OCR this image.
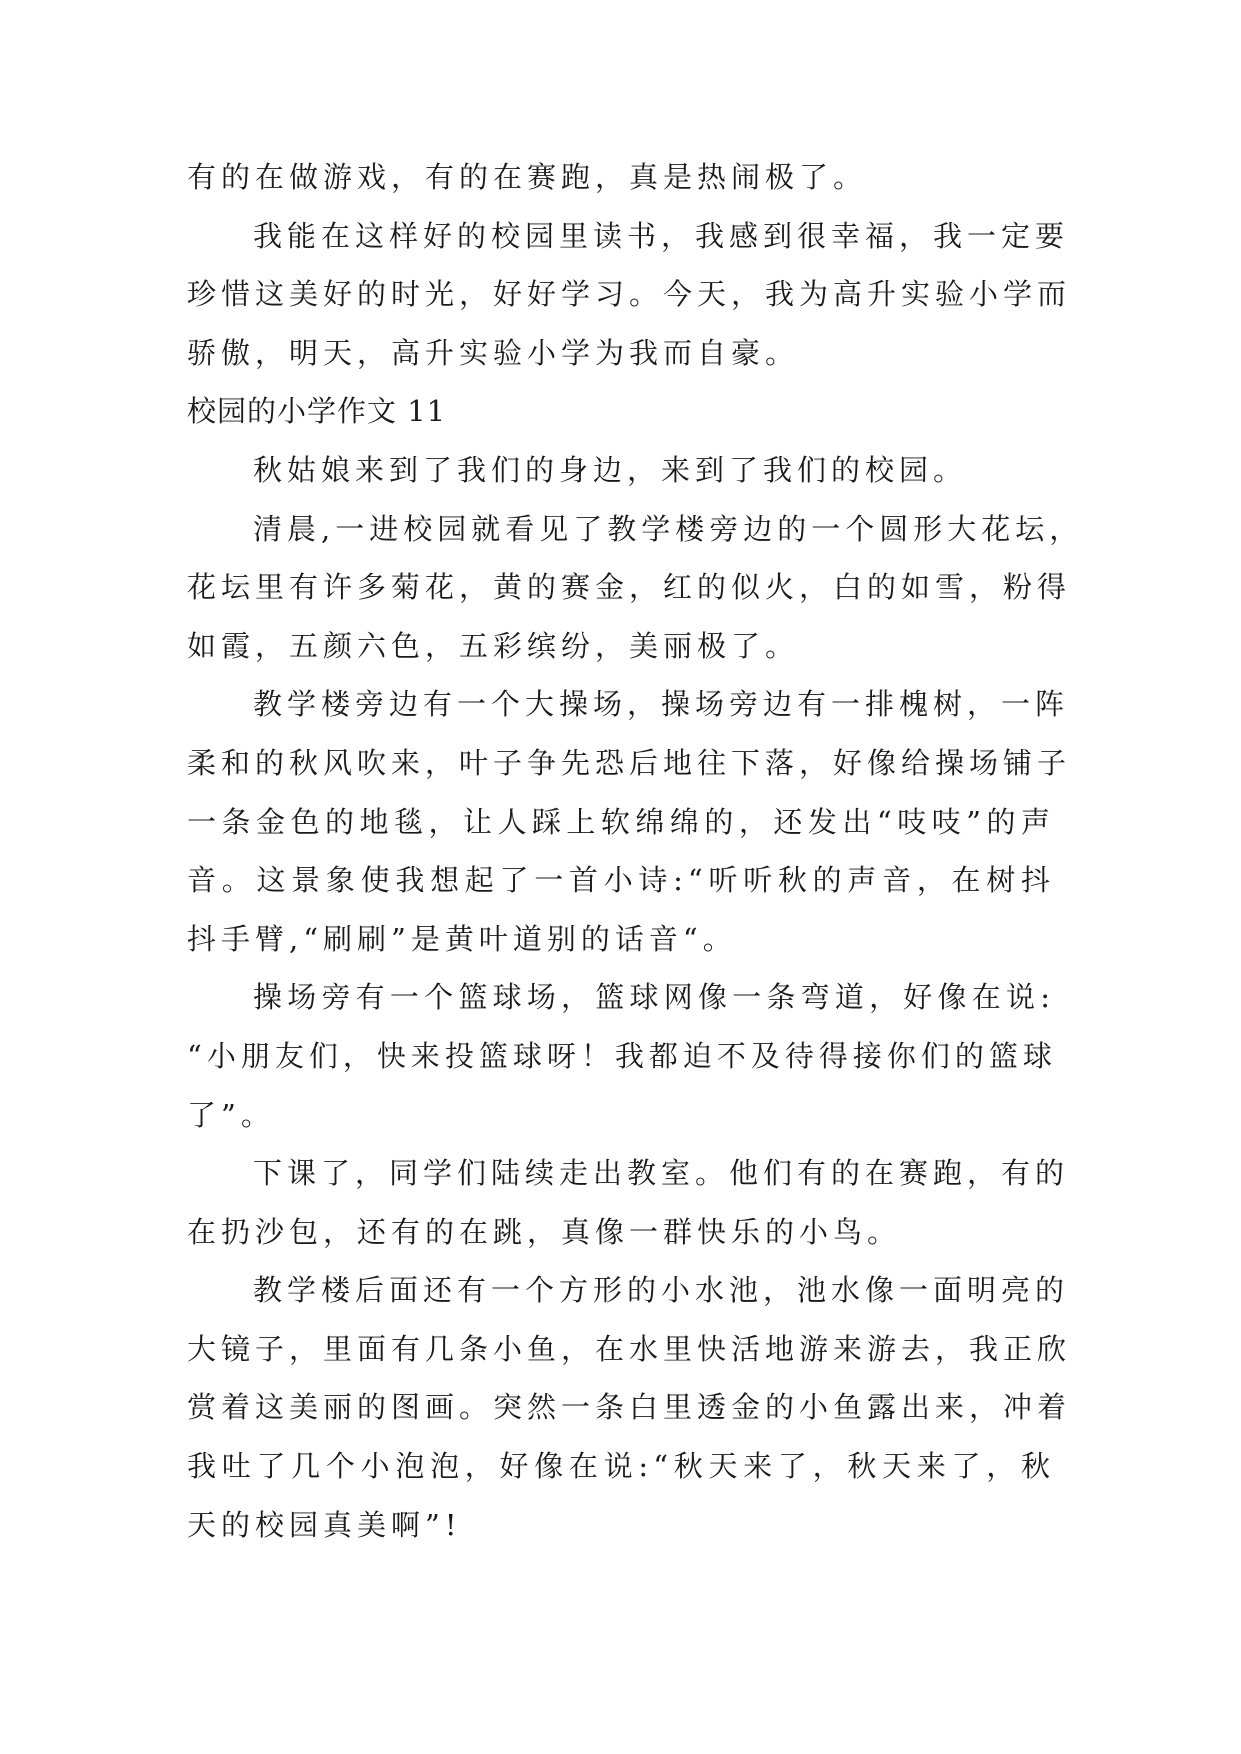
有的在做游戏，有的在赛跑，真是热闹极了。
我能在这样好的校园里读书，我感到很幸福，我一定要
珍惜这美好的时光，好好学习。今天，我为高升实验小学而
骄傲，明天，高升实验小学为我而自豪。
校园的小学作文 11
秋姑娘来到了我们的身边，来到了我们的校园。
清晨,一进校园就看见了教学楼旁边的一个圆形大花坛，
花坛里有许多菊花，黄的赛金，红的似火，白的如雪，粉得
如霞，五颜六色，五彩缤纷，美丽极了。
教学楼旁边有一个大操场，操场旁边有一排槐树，一阵
柔和的秋风吹来，叶子争先恐后地往下落，好像给操场铺子
一条金色的地毯，让人踩上软绵绵的，还发出“吱吱”的声
音。这景象使我想起了一首小诗:“听听秋的声音，在树抖
抖手臂,“刷刷”是黄叶道别的话音“。
操场旁有一个篮球场，篮球网像一条弯道，好像在说:
“小朋友们，快来投篮球呀！我都迫不及待得接你们的篮球
了”。
下课了，同学们陆续走出教室。他们有的在赛跑，有的
在扔沙包，还有的在跳，真像一群快乐的小鸟。
教学楼后面还有一个方形的小水池，池水像一面明亮的
大镜子，里面有几条小鱼，在水里快活地游来游去，我正欣
赏着这美丽的图画。突然一条白里透金的小鱼露出来，冲着
我吐了几个小泡泡，好像在说:“秋天来了，秋天来了，秋
天的校园真美啊”!
